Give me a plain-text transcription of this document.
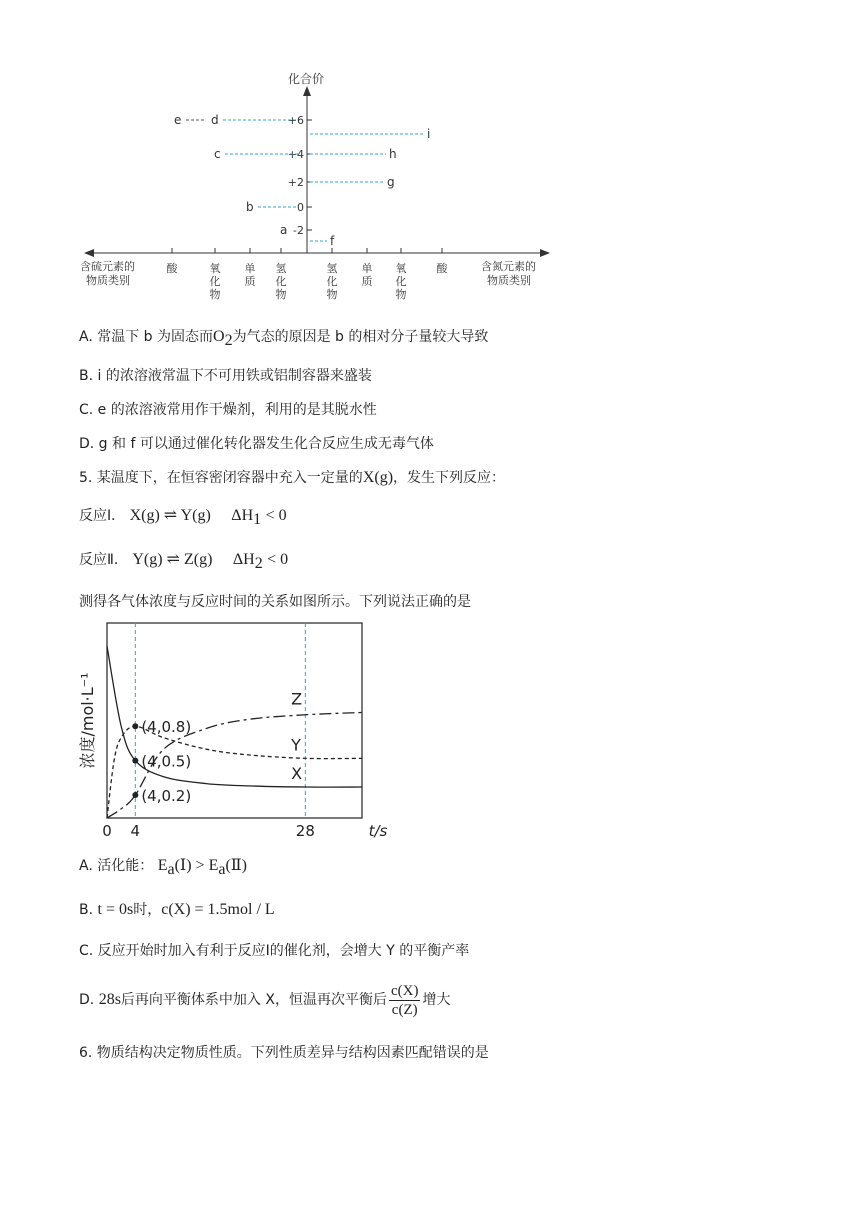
化合价
+6
+4
+2
0
-2
e d
c
b
a
i
h
g
f
含硫元素的
物质类别
含氮元素的
物质类别
酸	氧化物
单质
氢化物
氢化物
单质
氧化物
酸
A. 常温下 b 为固态而$O_2$为气态的原因是 b 的相对分子量较大导致
B. i 的浓溶液常温下不可用铁或铝制容器来盛装
C. e 的浓溶液常用作干燥剂，利用的是其脱水性
D. g 和 f 可以通过催化转化器发生化合反应生成无毒气体
5. 某温度下，在恒容密闭容器中充入一定量的X(g)，发生下列反应：
反应Ⅰ． X(g) ⇌ Y(g) $\Delta H_1 < 0$
反应Ⅱ． Y(g) ⇌ Z(g) $\Delta H_2 < 0$
测得各气体浓度与反应时间的关系如图所示。下列说法正确的是
X
Y
Z
(4,0.8)
(4,0.5)
(4,0.2)
0 4	28	t/s
浓度/mol·L⁻¹
A. 活化能： $E_a(Ⅰ)$ > $E_a(Ⅱ)$
B. t = 0s时，c(X) = 1.5mol / L
C. 反应开始时加入有利于反应Ⅰ的催化剂，会增大 Y 的平衡产率
D. 28s后再向平衡体系中加入 X，恒温再次平衡后 $\frac{c(X)}{c(Z)}$ 增大
6. 物质结构决定物质性质。下列性质差异与结构因素匹配错误的是
